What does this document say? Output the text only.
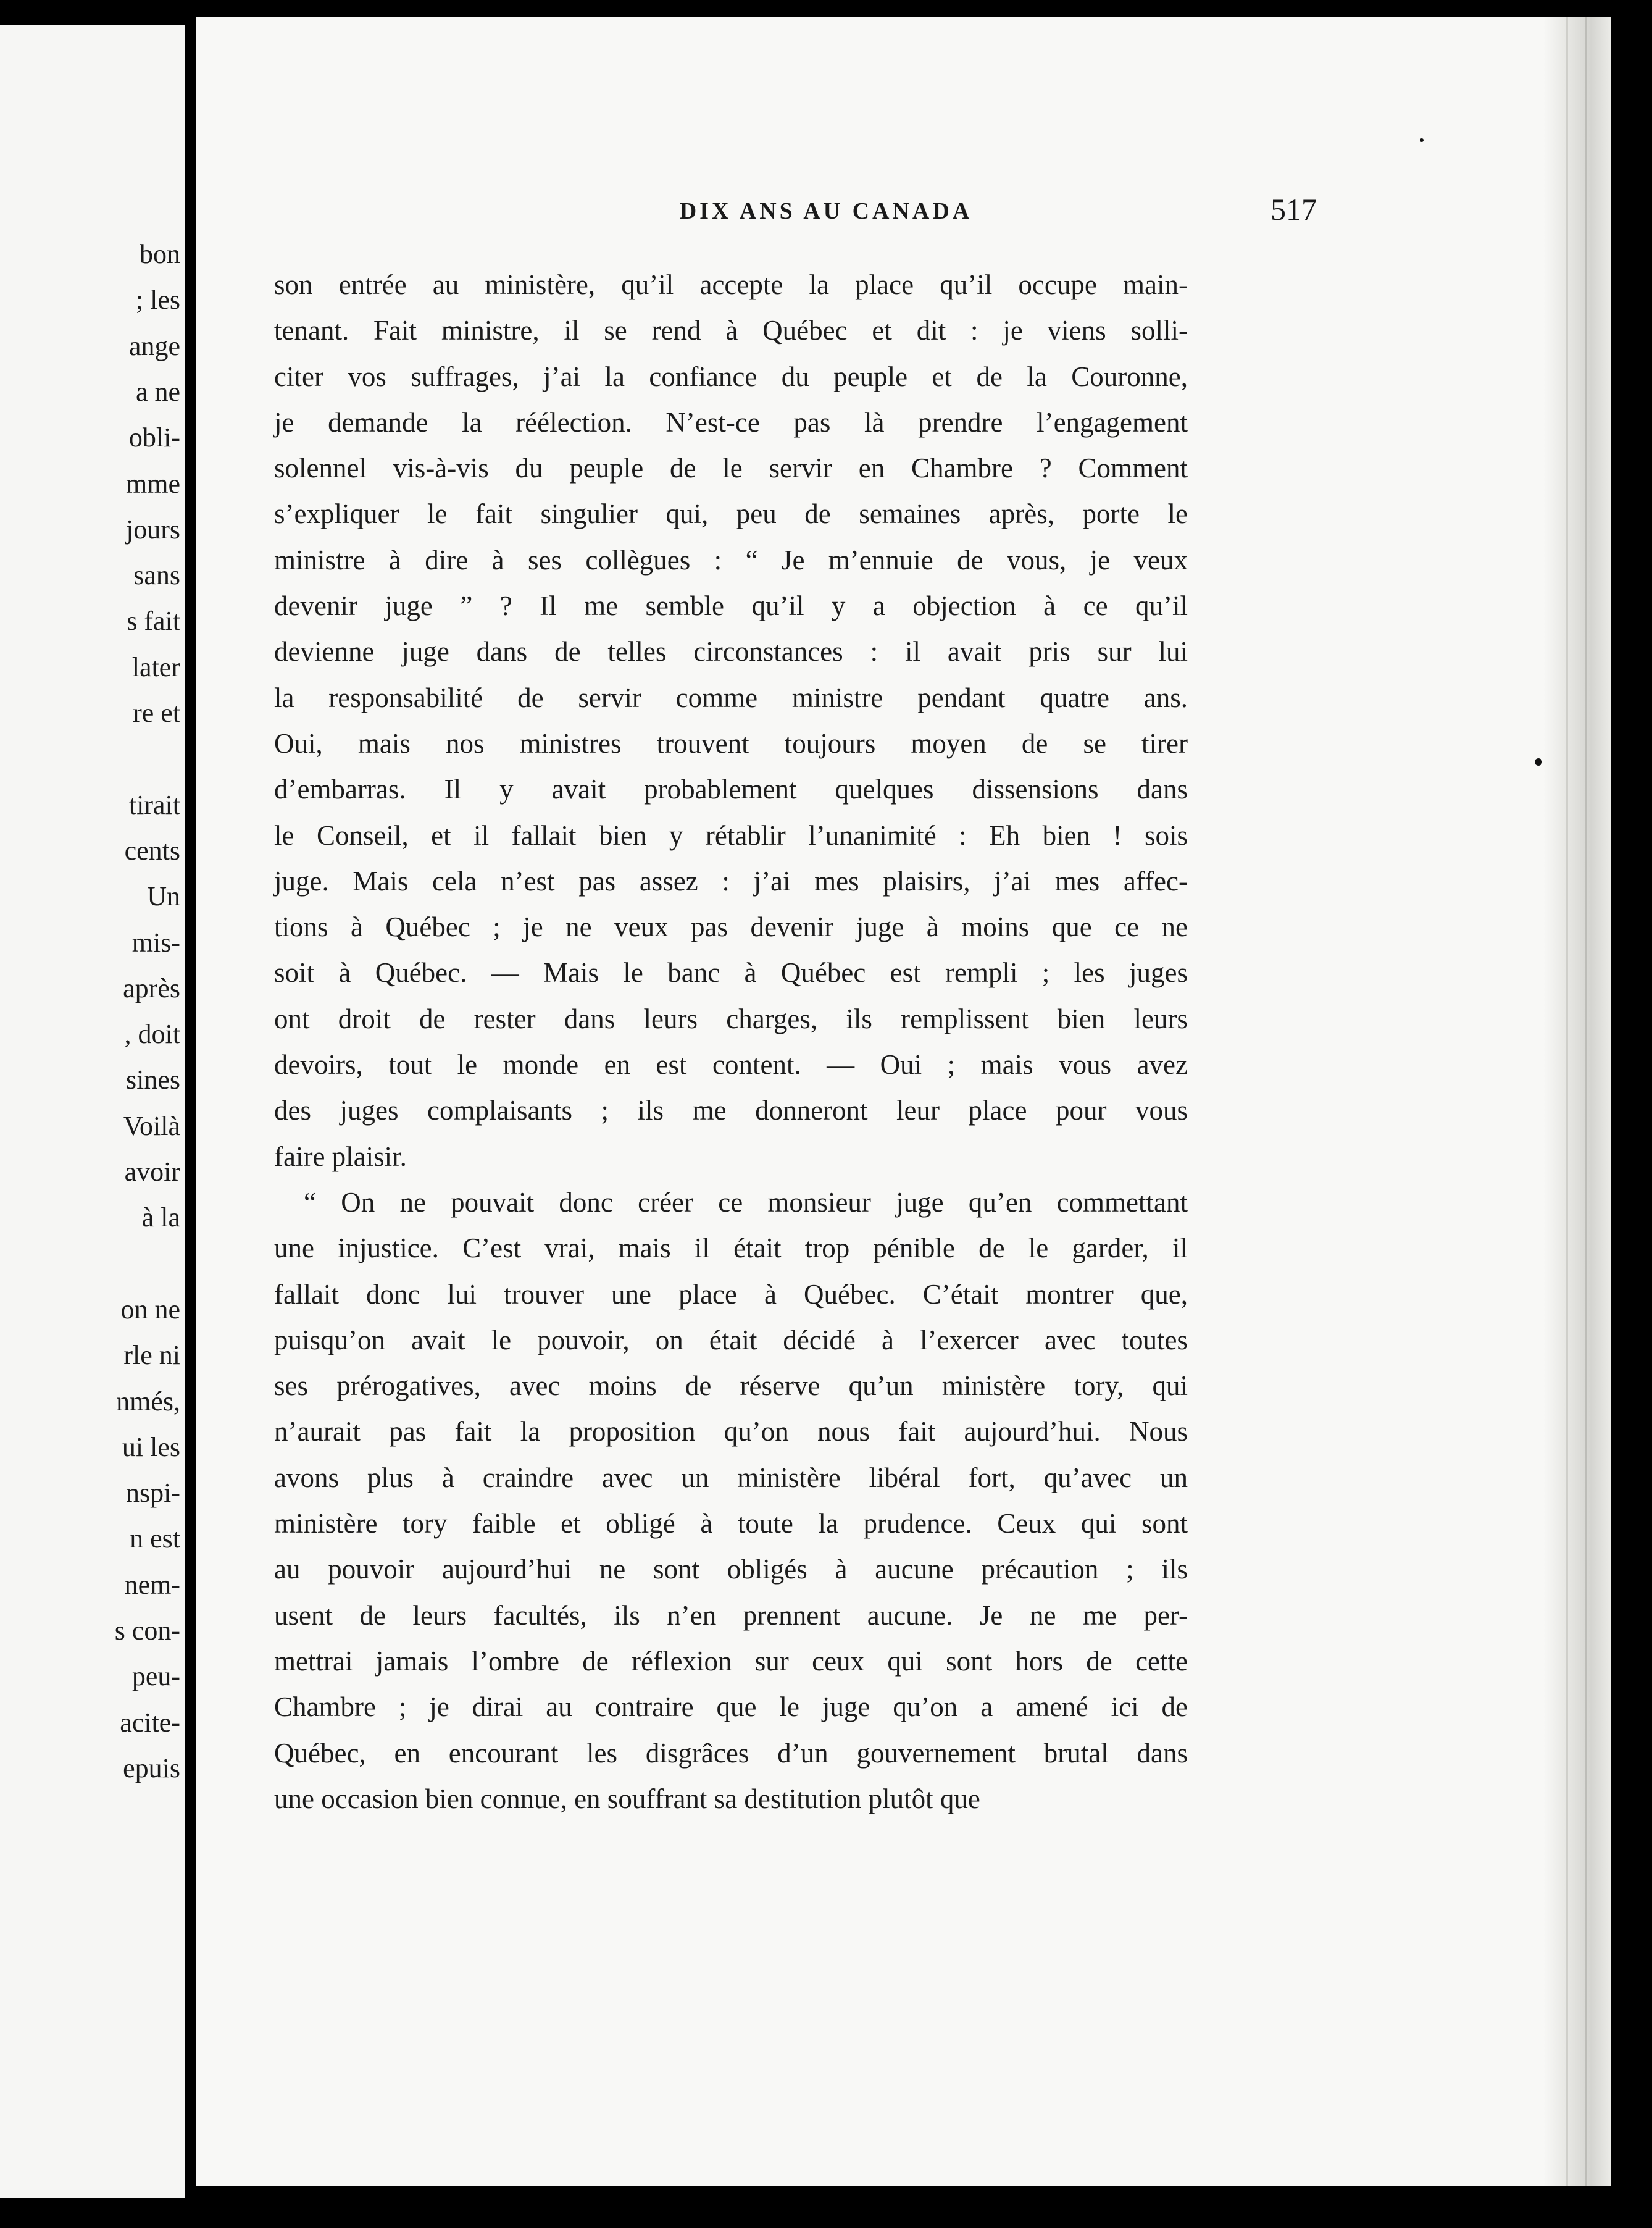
bon
; les
ange
a ne
obli-
mme
jours
sans
s fait
later
re et
tirait
cents
Un
mis-
après
, doit
sines
Voilà
avoir
à la
on ne
rle ni
nmés,
ui les
nspi-
n est
nem-
s con-
peu-
acite-
epuis
DIX ANS AU CANADA	517
son entrée au ministère, qu’il accepte la place qu’il occupe main-
tenant. Fait ministre, il se rend à Québec et dit : je viens solli-
citer vos suffrages, j’ai la confiance du peuple et de la Couronne,
je demande la réélection. N’est-ce pas là prendre l’engagement
solennel vis-à-vis du peuple de le servir en Chambre ? Comment
s’expliquer le fait singulier qui, peu de semaines après, porte le
ministre à dire à ses collègues : “ Je m’ennuie de vous, je veux
devenir juge ” ? Il me semble qu’il y a objection à ce qu’il
devienne juge dans de telles circonstances : il avait pris sur lui
la responsabilité de servir comme ministre pendant quatre ans.
Oui, mais nos ministres trouvent toujours moyen de se tirer
d’embarras. Il y avait probablement quelques dissensions dans
le Conseil, et il fallait bien y rétablir l’unanimité : Eh bien ! sois
juge. Mais cela n’est pas assez : j’ai mes plaisirs, j’ai mes affec-
tions à Québec ; je ne veux pas devenir juge à moins que ce ne
soit à Québec. — Mais le banc à Québec est rempli ; les juges
ont droit de rester dans leurs charges, ils remplissent bien leurs
devoirs, tout le monde en est content. — Oui ; mais vous avez
des juges complaisants ; ils me donneront leur place pour vous
faire plaisir.
“ On ne pouvait donc créer ce monsieur juge qu’en commettant
une injustice. C’est vrai, mais il était trop pénible de le garder, il
fallait donc lui trouver une place à Québec. C’était montrer que,
puisqu’on avait le pouvoir, on était décidé à l’exercer avec toutes
ses prérogatives, avec moins de réserve qu’un ministère tory, qui
n’aurait pas fait la proposition qu’on nous fait aujourd’hui. Nous
avons plus à craindre avec un ministère libéral fort, qu’avec un
ministère tory faible et obligé à toute la prudence. Ceux qui sont
au pouvoir aujourd’hui ne sont obligés à aucune précaution ; ils
usent de leurs facultés, ils n’en prennent aucune. Je ne me per-
mettrai jamais l’ombre de réflexion sur ceux qui sont hors de cette
Chambre ; je dirai au contraire que le juge qu’on a amené ici de
Québec, en encourant les disgrâces d’un gouvernement brutal dans
une occasion bien connue, en souffrant sa destitution plutôt que
